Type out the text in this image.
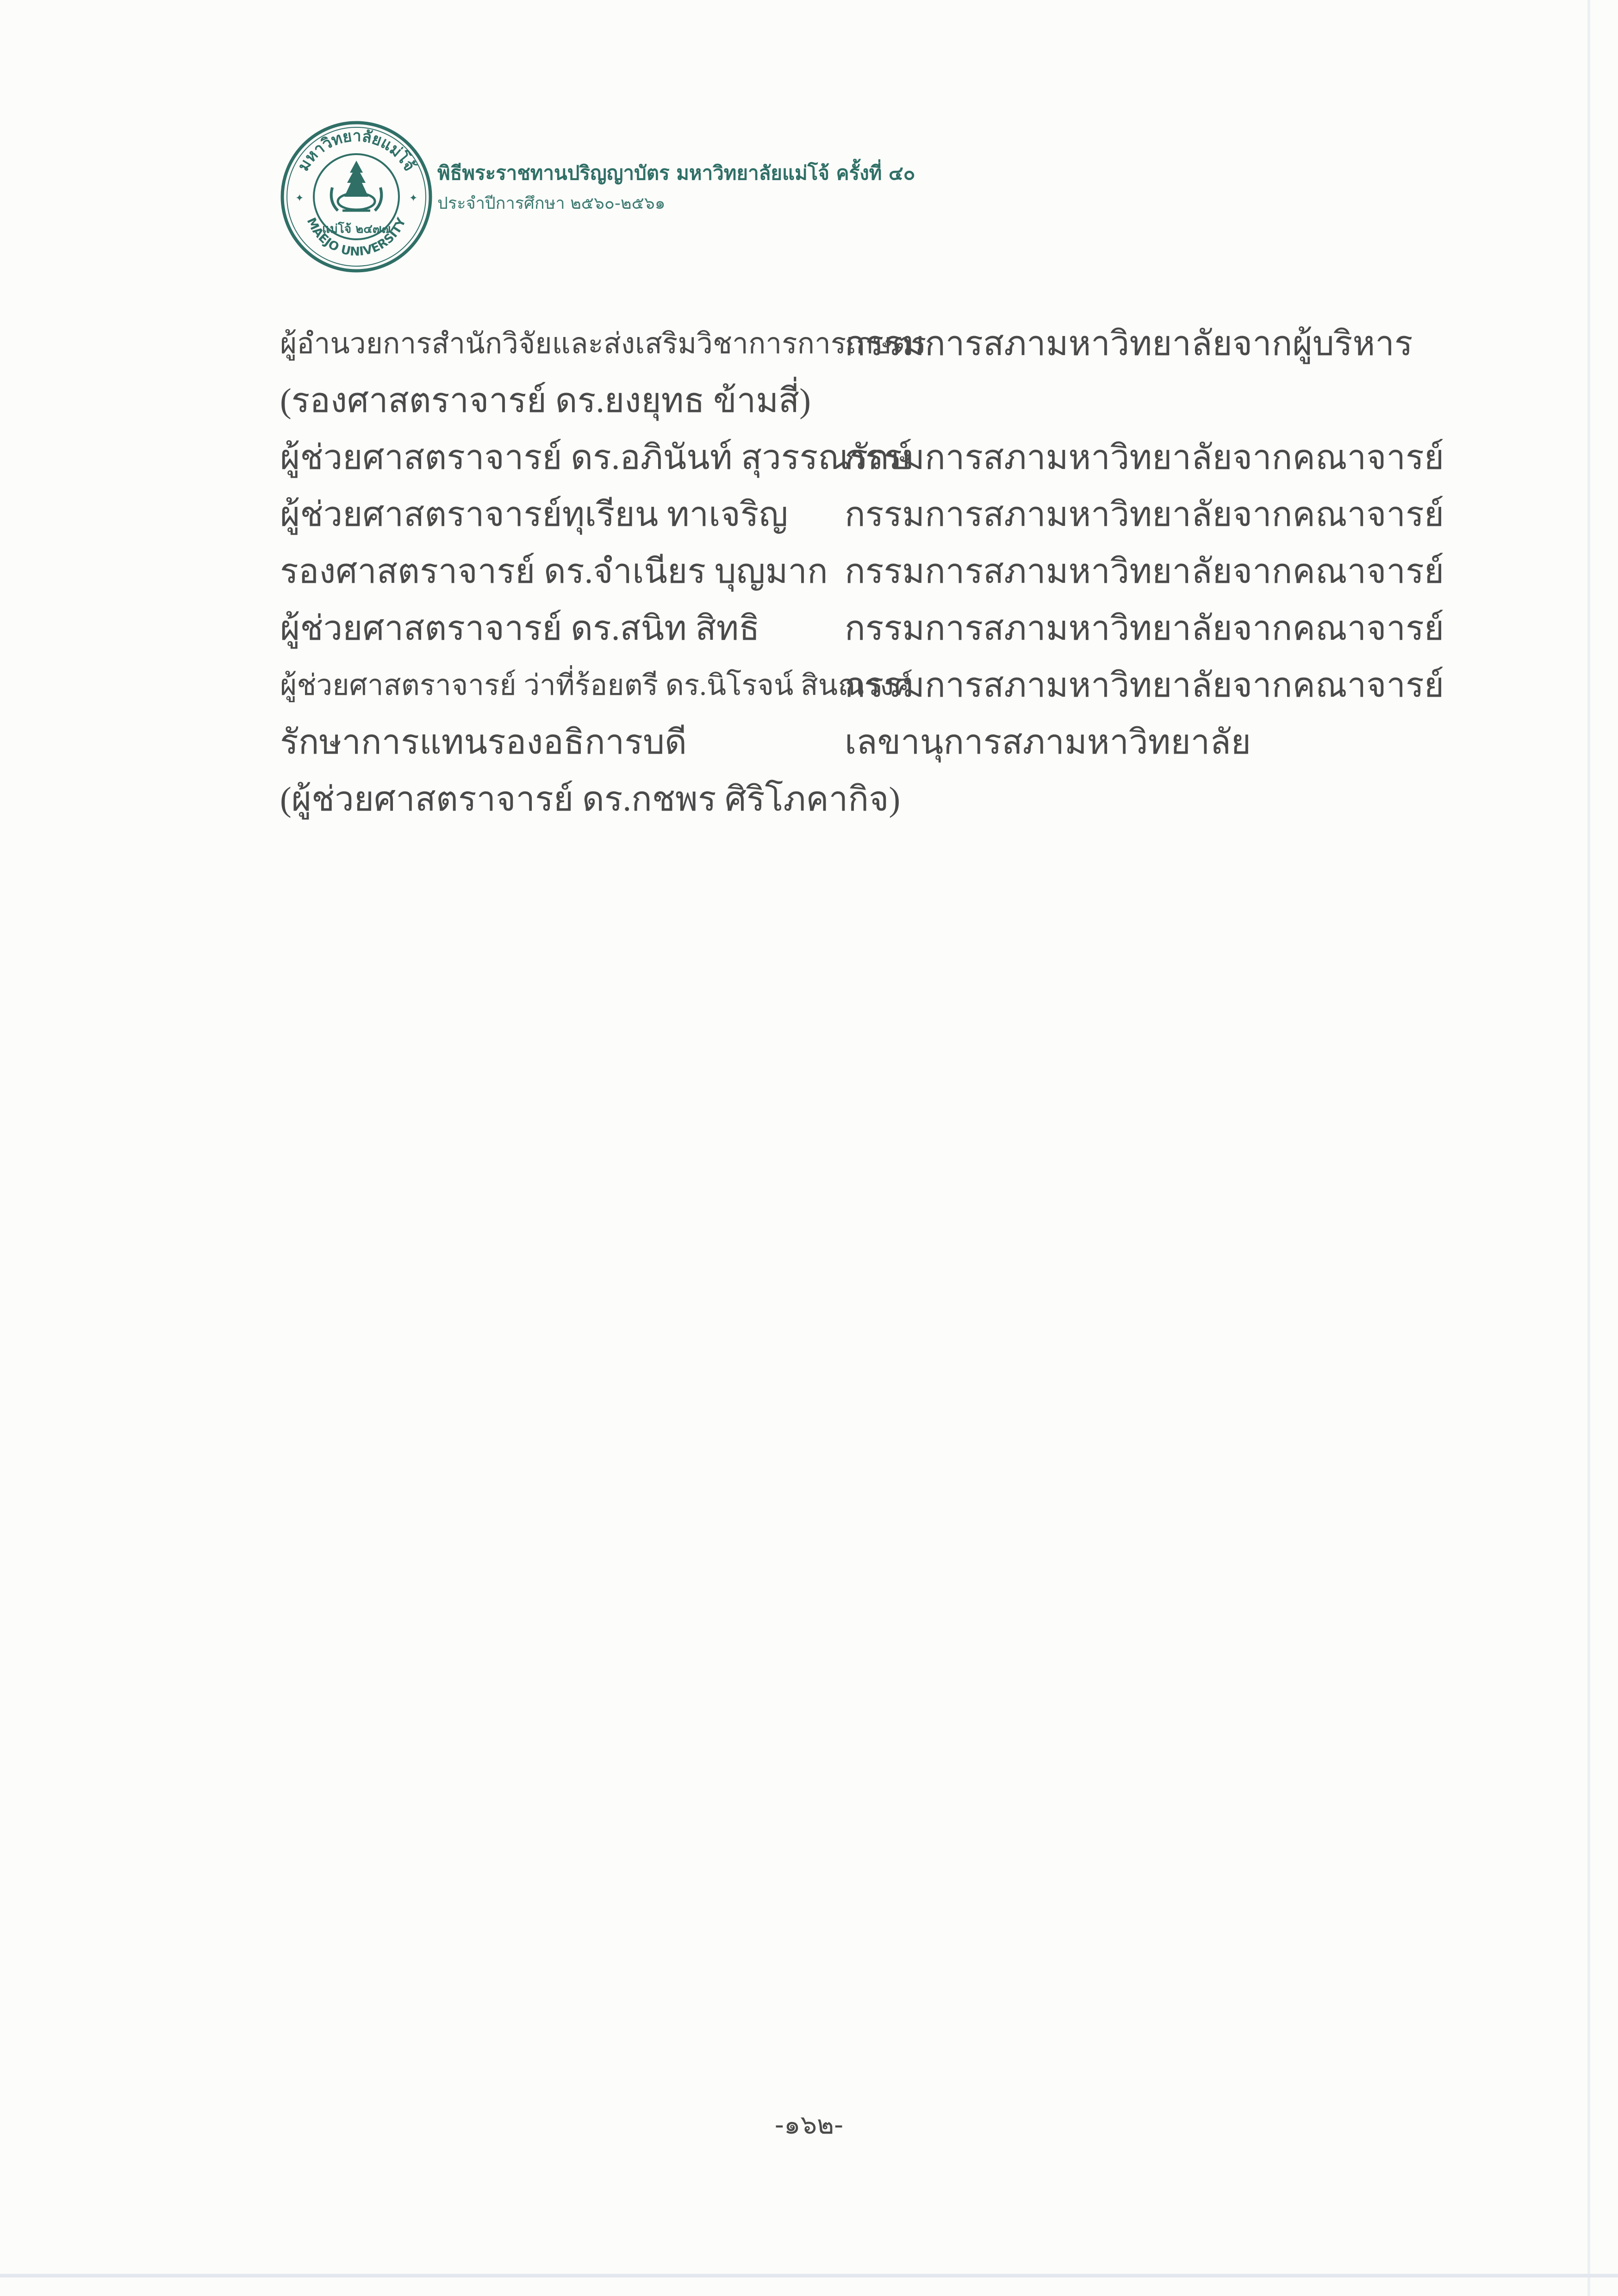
มหาวิทยาลัยแม่โจ้
MAEJO UNIVERSITY
✦	✦
แม่โจ้ ๒๔๗๗
พิธีพระราชทานปริญญาบัตร มหาวิทยาลัยแม่โจ้ ครั้งที่ ๔๐
ประจำปีการศึกษา ๒๕๖๐-๒๕๖๑
ผู้อำนวยการสำนักวิจัยและส่งเสริมวิชาการการเกษตร
กรรมการสภามหาวิทยาลัยจากผู้บริหาร
(รองศาสตราจารย์ ดร.ยงยุทธ ข้ามสี่)
ผู้ช่วยศาสตราจารย์ ดร.อภินันท์ สุวรรณรักษ์
กรรมการสภามหาวิทยาลัยจากคณาจารย์
ผู้ช่วยศาสตราจารย์ทุเรียน ทาเจริญ กรรมการสภามหาวิทยาลัยจากคณาจารย์
รองศาสตราจารย์ ดร.จำเนียร บุญมาก กรรมการสภามหาวิทยาลัยจากคณาจารย์
ผู้ช่วยศาสตราจารย์ ดร.สนิท สิทธิ กรรมการสภามหาวิทยาลัยจากคณาจารย์
ผู้ช่วยศาสตราจารย์ ว่าที่ร้อยตรี ดร.นิโรจน์ สินณรงค์
กรรมการสภามหาวิทยาลัยจากคณาจารย์
รักษาการแทนรองอธิการบดี	เลขานุการสภามหาวิทยาลัย
(ผู้ช่วยศาสตราจารย์ ดร.กชพร ศิริโภคากิจ)
-๑๖๒-
